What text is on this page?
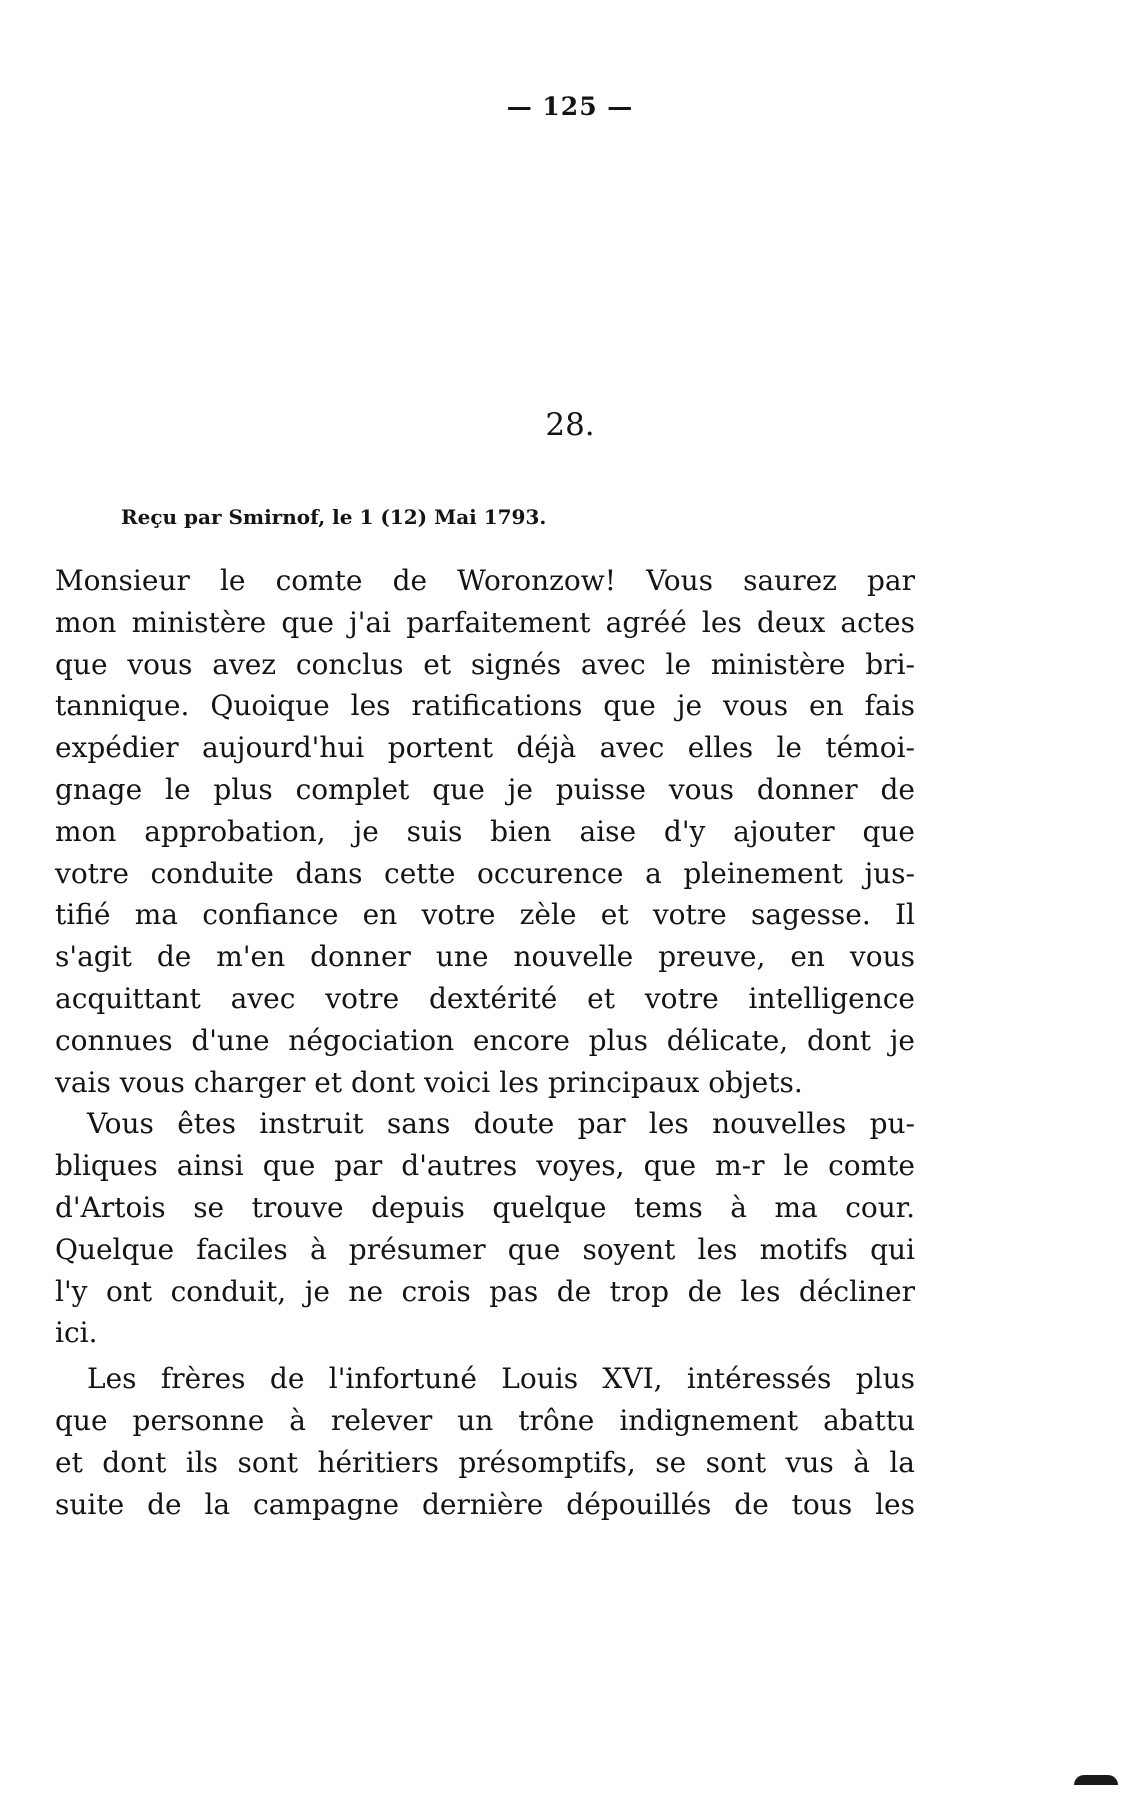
— 125 —
28.
Reçu par Smirnof, le 1 (12) Mai 1793.
Monsieur le comte de Woronzow! Vous saurez par
mon ministère que j'ai parfaitement agréé les deux actes
que vous avez conclus et signés avec le ministère bri-
tannique. Quoique les ratifications que je vous en fais
expédier aujourd'hui portent déjà avec elles le témoi-
gnage le plus complet que je puisse vous donner de
mon approbation, je suis bien aise d'y ajouter que
votre conduite dans cette occurence a pleinement jus-
tifié ma confiance en votre zèle et votre sagesse. Il
s'agit de m'en donner une nouvelle preuve, en vous
acquittant avec votre dextérité et votre intelligence
connues d'une négociation encore plus délicate, dont je
vais vous charger et dont voici les principaux objets.
Vous êtes instruit sans doute par les nouvelles pu-
bliques ainsi que par d'autres voyes, que m-r le comte
d'Artois se trouve depuis quelque tems à ma cour.
Quelque faciles à présumer que soyent les motifs qui
l'y ont conduit, je ne crois pas de trop de les décliner
ici.
Les frères de l'infortuné Louis XVI, intéressés plus
que personne à relever un trône indignement abattu
et dont ils sont héritiers présomptifs, se sont vus à la
suite de la campagne dernière dépouillés de tous les
